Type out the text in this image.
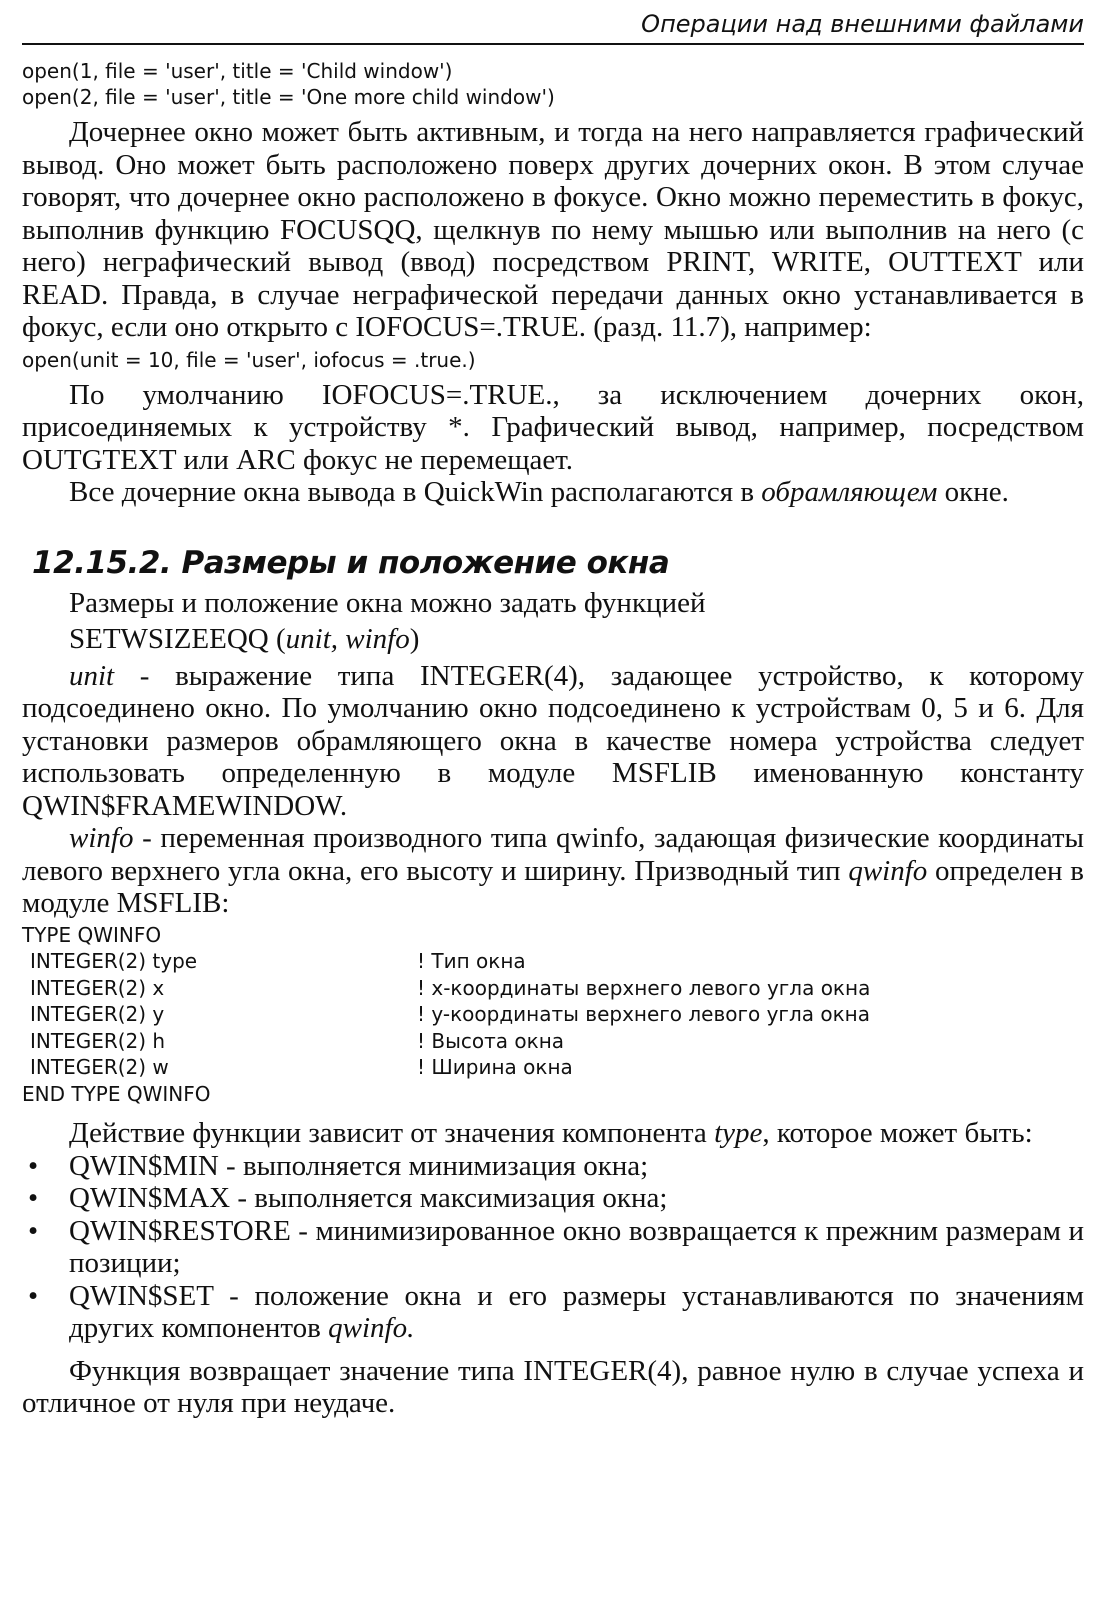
Операции над внешними файлами
open(1, file = 'user', title = 'Child window')
open(2, file = 'user', title = 'One more child window')

Дочернее окно может быть активным, и тогда на него направляется графический вывод. Оно может быть расположено поверх других дочерних окон. В этом случае говорят, что дочернее окно расположено в фокусе. Окно можно переместить в фокус, выполнив функцию FOCUSQQ, щелкнув по нему мышью или выполнив на него (с него) неграфический вывод (ввод) посредством PRINT, WRITE, OUTTEXT или READ. Правда, в случае неграфической передачи данных окно устанавливается в фокус, если оно открыто с IOFOCUS=.TRUE. (разд. 11.7), например:

open(unit = 10, file = 'user', iofocus = .true.)

По умолчанию IOFOCUS=.TRUE., за исключением дочерних окон, присоединяемых к устройству *. Графический вывод, например, посредством OUTGTEXT или ARC фокус не перемещает.

Все дочерние окна вывода в QuickWin располагаются в обрамляющем окне.

12.15.2. Размеры и положение окна

Размеры и положение окна можно задать функцией

SETWSIZEEQQ (unit, winfo)

unit - выражение типа INTEGER(4), задающее устройство, к которому подсоединено окно. По умолчанию окно подсоединено к устройствам 0, 5 и 6. Для установки размеров обрамляющего окна в качестве номера устройства следует использовать определенную в модуле MSFLIB именованную константу QWIN$FRAMEWINDOW.

winfo - переменная производного типа qwinfo, задающая физические координаты левого верхнего угла окна, его высоту и ширину. Призводный тип qwinfo определен в модуле MSFLIB:

TYPE QWINFO
INTEGER(2) type	! Тип окна
INTEGER(2) x	! x-координаты верхнего левого угла окна
INTEGER(2) y	! y-координаты верхнего левого угла окна
INTEGER(2) h	! Высота окна
INTEGER(2) w	! Ширина окна
END TYPE QWINFO

Действие функции зависит от значения компонента type, которое может быть:

• QWIN$MIN - выполняется минимизация окна;
• QWIN$MAX - выполняется максимизация окна;
• QWIN$RESTORE - минимизированное окно возвращается к прежним размерам и позиции;
• QWIN$SET - положение окна и его размеры устанавливаются по значениям других компонентов qwinfo.

Функция возвращает значение типа INTEGER(4), равное нулю в случае успеха и отличное от нуля при неудаче.
